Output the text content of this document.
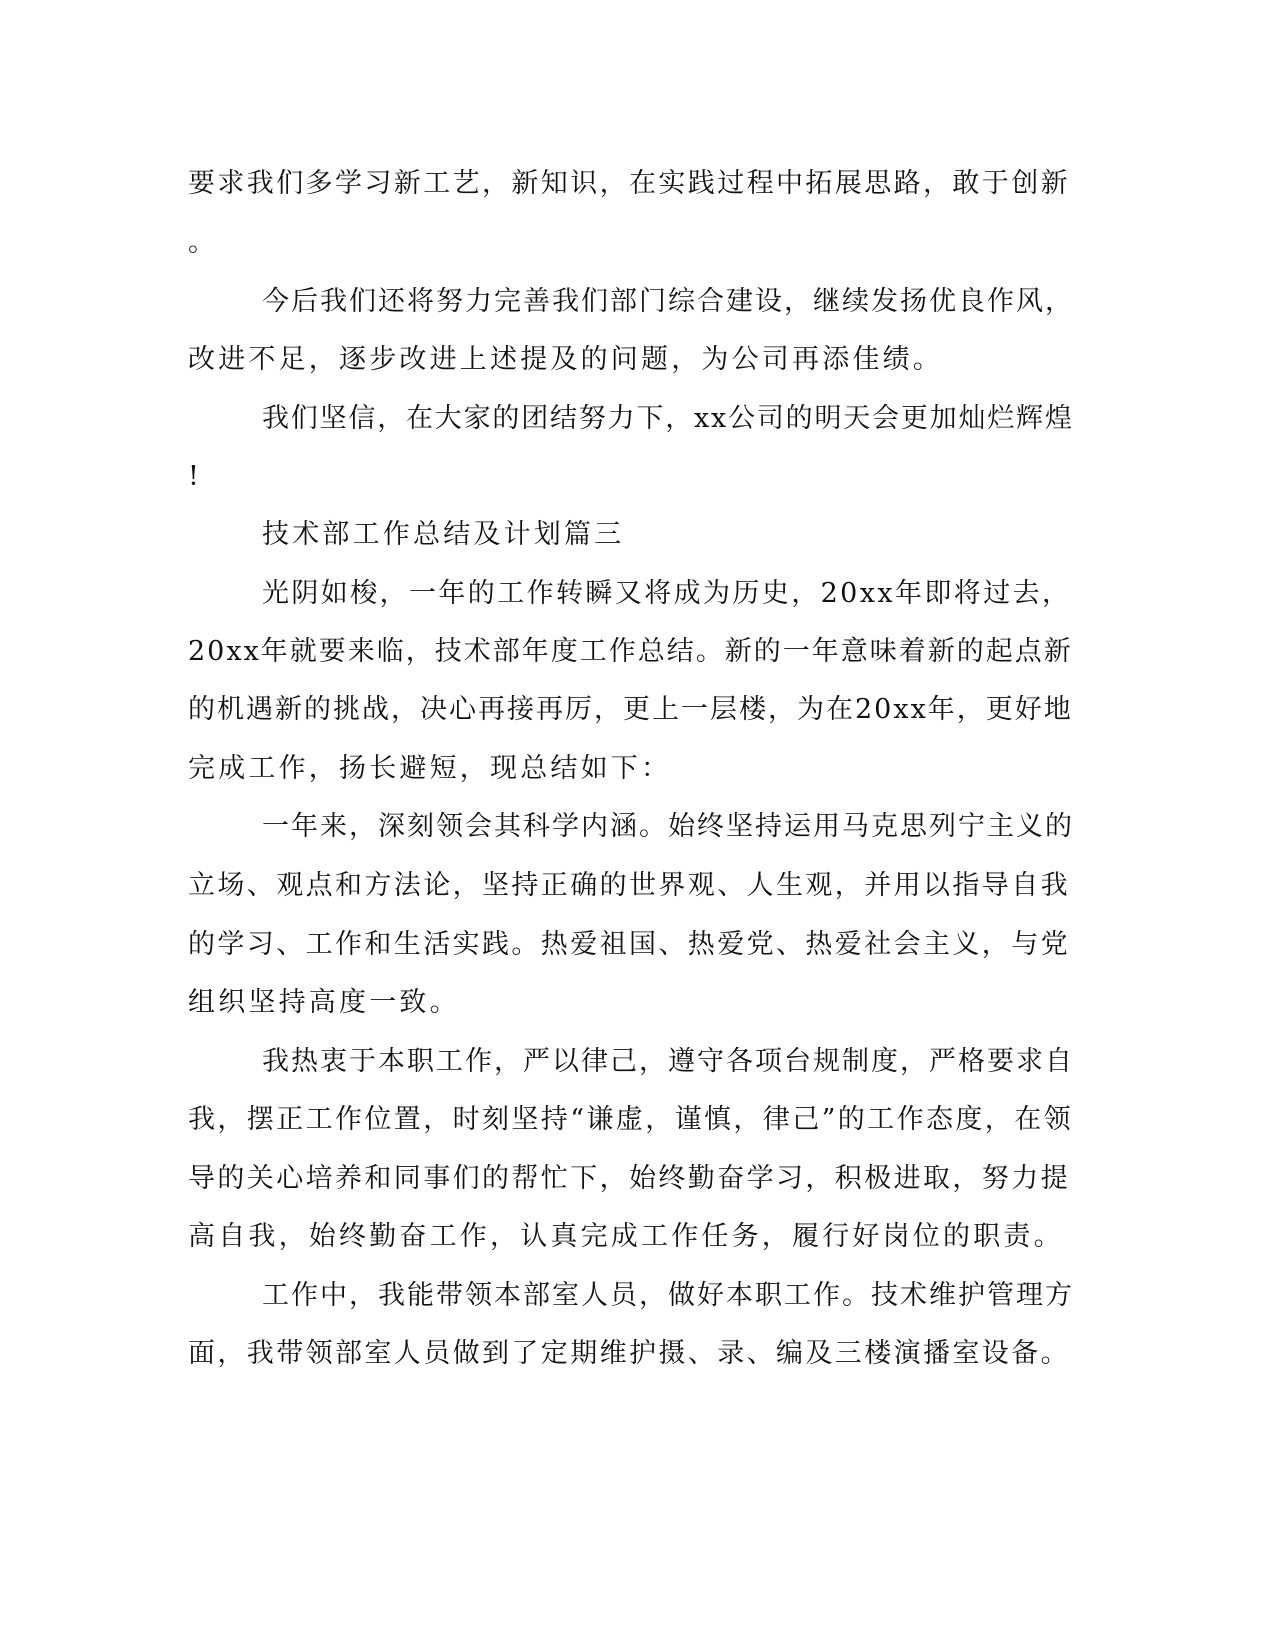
要求我们多学习新工艺，新知识，在实践过程中拓展思路，敢于创新
。
今后我们还将努力完善我们部门综合建设，继续发扬优良作风，
改进不足，逐步改进上述提及的问题，为公司再添佳绩。
我们坚信，在大家的团结努力下，xx公司的明天会更加灿烂辉煌
!
技术部工作总结及计划篇三
光阴如梭，一年的工作转瞬又将成为历史，20xx年即将过去，
20xx年就要来临，技术部年度工作总结。新的一年意味着新的起点新
的机遇新的挑战，决心再接再厉，更上一层楼，为在20xx年，更好地
完成工作，扬长避短，现总结如下：
一年来，深刻领会其科学内涵。始终坚持运用马克思列宁主义的
立场、观点和方法论，坚持正确的世界观、人生观，并用以指导自我
的学习、工作和生活实践。热爱祖国、热爱党、热爱社会主义，与党
组织坚持高度一致。
我热衷于本职工作，严以律己，遵守各项台规制度，严格要求自
我，摆正工作位置，时刻坚持“谦虚，谨慎，律己”的工作态度，在领
导的关心培养和同事们的帮忙下，始终勤奋学习，积极进取，努力提
高自我，始终勤奋工作，认真完成工作任务，履行好岗位的职责。
工作中，我能带领本部室人员，做好本职工作。技术维护管理方
面，我带领部室人员做到了定期维护摄、录、编及三楼演播室设备。
